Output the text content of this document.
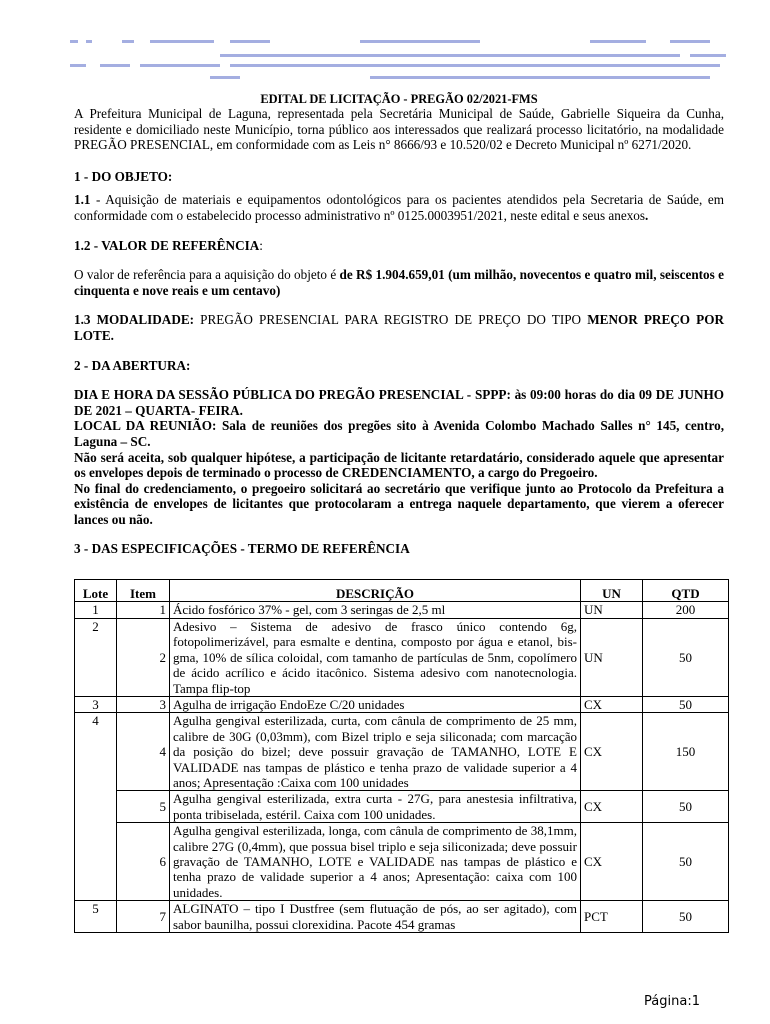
EDITAL DE LICITAÇÃO - PREGÃO 02/2021-FMS

A Prefeitura Municipal de Laguna, representada pela Secretária Municipal de Saúde, Gabrielle Siqueira da Cunha, residente e domiciliado neste Município, torna público aos interessados que realizará processo licitatório, na modalidade PREGÃO PRESENCIAL, em conformidade com as Leis n° 8666/93 e 10.520/02 e Decreto Municipal nº 6271/2020.

1 - DO OBJETO:

1.1 - Aquisição de materiais e equipamentos odontológicos para os pacientes atendidos pela Secretaria de Saúde, em conformidade com o estabelecido processo administrativo nº 0125.0003951/2021, neste edital e seus anexos.

1.2 - VALOR DE REFERÊNCIA:

O valor de referência para a aquisição do objeto é de R$ 1.904.659,01 (um milhão, novecentos e quatro mil, seiscentos e cinquenta e nove reais e um centavo)

1.3 MODALIDADE: PREGÃO PRESENCIAL PARA REGISTRO DE PREÇO DO TIPO MENOR PREÇO POR LOTE.

2 - DA ABERTURA:

DIA E HORA DA SESSÃO PÚBLICA DO PREGÃO PRESENCIAL - SPPP: às 09:00 horas do dia 09 DE JUNHO DE 2021 – QUARTA- FEIRA.

LOCAL DA REUNIÃO: Sala de reuniões dos pregões sito à Avenida Colombo Machado Salles n° 145, centro, Laguna – SC.

Não será aceita, sob qualquer hipótese, a participação de licitante retardatário, considerado aquele que apresentar os envelopes depois de terminado o processo de CREDENCIAMENTO, a cargo do Pregoeiro.

No final do credenciamento, o pregoeiro solicitará ao secretário que verifique junto ao Protocolo da Prefeitura a existência de envelopes de licitantes que protocolaram a entrega naquele departamento, que vierem a oferecer lances ou não.

3 - DAS ESPECIFICAÇÕES - TERMO DE REFERÊNCIA
Lote	Item	DESCRIÇÃO	UN	QTD
1	1	Ácido fosfórico 37% - gel, com 3 seringas de 2,5 ml	UN	200
2	2	Adesivo – Sistema de adesivo de frasco único contendo 6g, fotopolimerizável, para esmalte e dentina, composto por água e etanol, bis-gma, 10% de sílica coloidal, com tamanho de partículas de 5nm, copolímero de ácido acrílico e ácido itacônico. Sistema adesivo com nanotecnologia. Tampa flip-top	UN	50
3	3	Agulha de irrigação EndoEze C/20 unidades	CX	50
4	4	Agulha gengival esterilizada, curta, com cânula de comprimento de 25 mm, calibre de 30G (0,03mm), com Bizel triplo e seja siliconada; com marcação da posição do bizel; deve possuir gravação de TAMANHO, LOTE E VALIDADE nas tampas de plástico e tenha prazo de validade superior a 4 anos; Apresentação :Caixa com 100 unidades	CX	150
	5	Agulha gengival esterilizada, extra curta - 27G, para anestesia infiltrativa, ponta tribiselada, estéril. Caixa com 100 unidades.	CX	50
	6	Agulha gengival esterilizada, longa, com cânula de comprimento de 38,1mm, calibre 27G (0,4mm), que possua bisel triplo e seja siliconizada; deve possuir gravação de TAMANHO, LOTE e VALIDADE nas tampas de plástico e tenha prazo de validade superior a 4 anos; Apresentação: caixa com 100 unidades.	CX	50
5	7	ALGINATO – tipo I Dustfree (sem flutuação de pós, ao ser agitado), com sabor baunilha, possui clorexidina. Pacote 454 gramas	PCT	50
Página:1
